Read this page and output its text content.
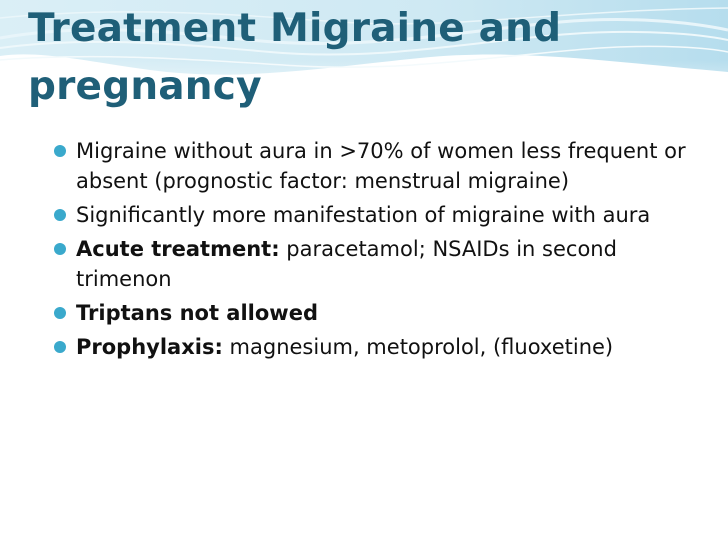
Treatment Migraine and pregnancy
Migraine without aura in >70% of women less frequent or absent (prognostic factor: menstrual migraine)
Significantly more manifestation of migraine with aura
Acute treatment: paracetamol; NSAIDs in second trimenon
Triptans not allowed
Prophylaxis: magnesium, metoprolol, (fluoxetine)
